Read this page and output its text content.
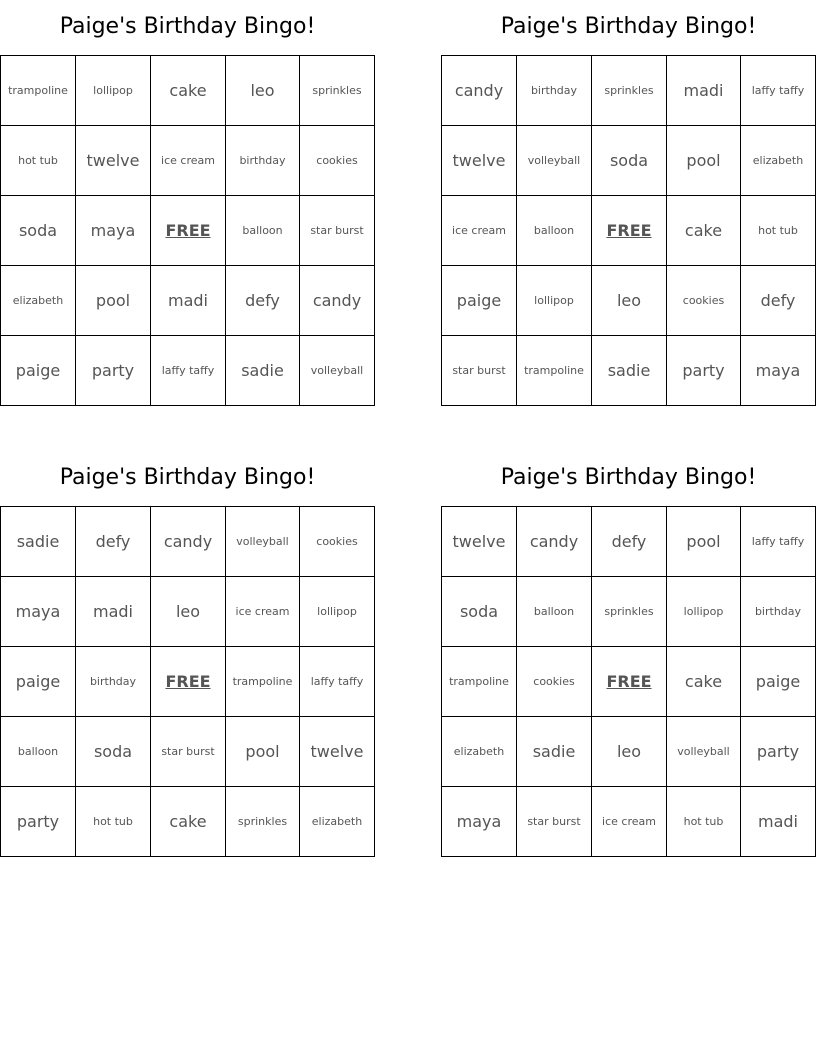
Paige's Birthday Bingo!
trampoline	lollipop	cake	leo	sprinkles
hot tub	twelve	ice cream	birthday	cookies
soda	maya	FREE	balloon	star burst
elizabeth	pool	madi	defy	candy
paige	party	laffy taffy	sadie	volleyball
Paige's Birthday Bingo!
candy	birthday	sprinkles	madi	laffy taffy
twelve	volleyball	soda	pool	elizabeth
ice cream	balloon	FREE	cake	hot tub
paige	lollipop	leo	cookies	defy
star burst	trampoline	sadie	party	maya
Paige's Birthday Bingo!
sadie	defy	candy	volleyball	cookies
maya	madi	leo	ice cream	lollipop
paige	birthday	FREE	trampoline	laffy taffy
balloon	soda	star burst	pool	twelve
party	hot tub	cake	sprinkles	elizabeth
Paige's Birthday Bingo!
twelve	candy	defy	pool	laffy taffy
soda	balloon	sprinkles	lollipop	birthday
trampoline	cookies	FREE	cake	paige
elizabeth	sadie	leo	volleyball	party
maya	star burst	ice cream	hot tub	madi
